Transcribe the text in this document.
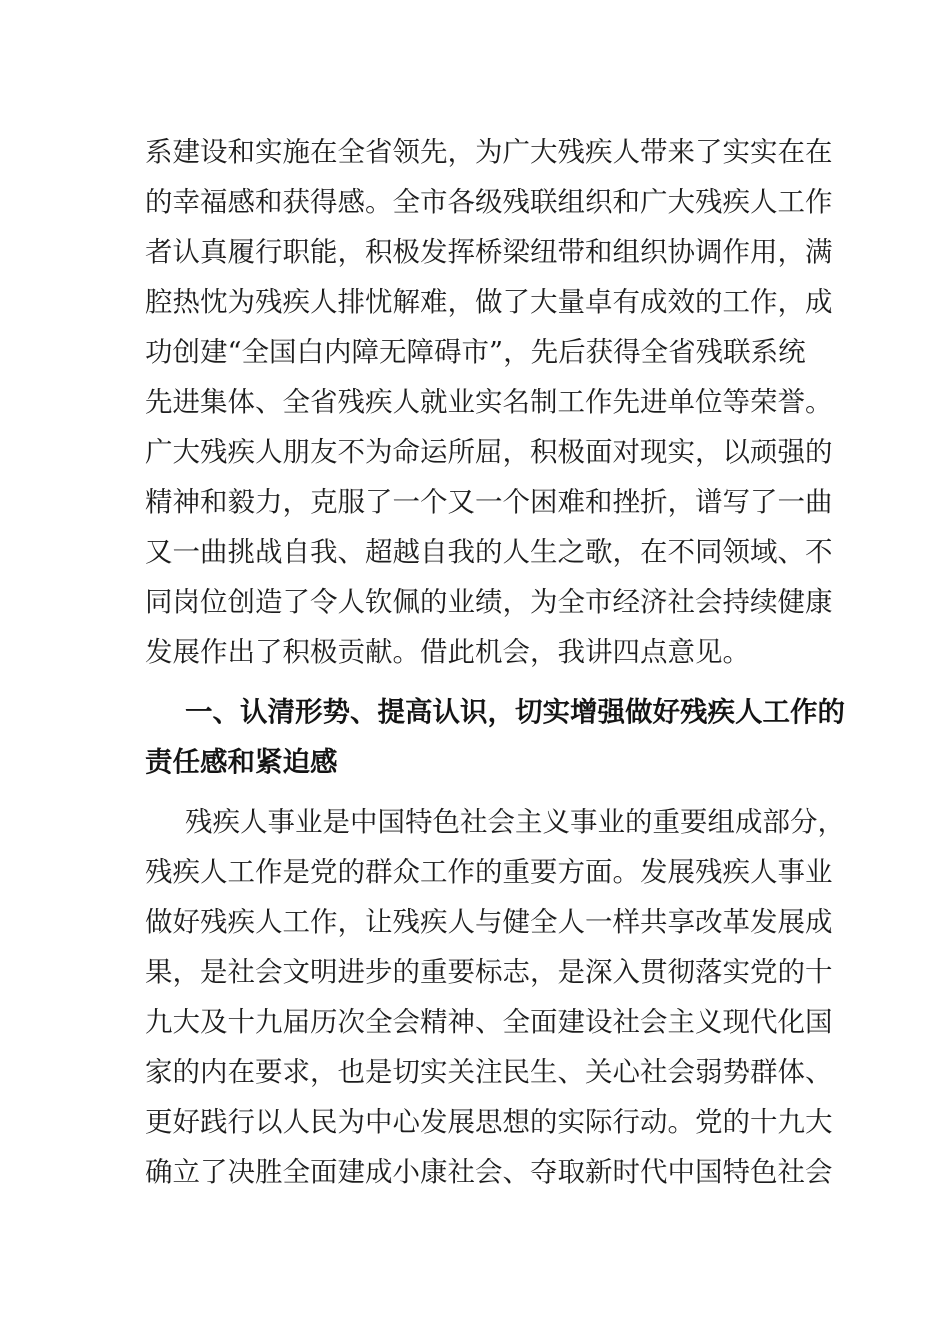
系建设和实施在全省领先，为广大残疾人带来了实实在在
的幸福感和获得感。全市各级残联组织和广大残疾人工作
者认真履行职能，积极发挥桥梁纽带和组织协调作用，满
腔热忱为残疾人排忧解难，做了大量卓有成效的工作，成
功创建“全国白内障无障碍市”，先后获得全省残联系统
先进集体、全省残疾人就业实名制工作先进单位等荣誉。
广大残疾人朋友不为命运所屈，积极面对现实，以顽强的
精神和毅力，克服了一个又一个困难和挫折，谱写了一曲
又一曲挑战自我、超越自我的人生之歌，在不同领域、不
同岗位创造了令人钦佩的业绩，为全市经济社会持续健康
发展作出了积极贡献。借此机会，我讲四点意见。
一、认清形势、提高认识，切实增强做好残疾人工作的
责任感和紧迫感
残疾人事业是中国特色社会主义事业的重要组成部分，
残疾人工作是党的群众工作的重要方面。发展残疾人事业
做好残疾人工作，让残疾人与健全人一样共享改革发展成
果，是社会文明进步的重要标志，是深入贯彻落实党的十
九大及十九届历次全会精神、全面建设社会主义现代化国
家的内在要求，也是切实关注民生、关心社会弱势群体、
更好践行以人民为中心发展思想的实际行动。党的十九大
确立了决胜全面建成小康社会、夺取新时代中国特色社会
